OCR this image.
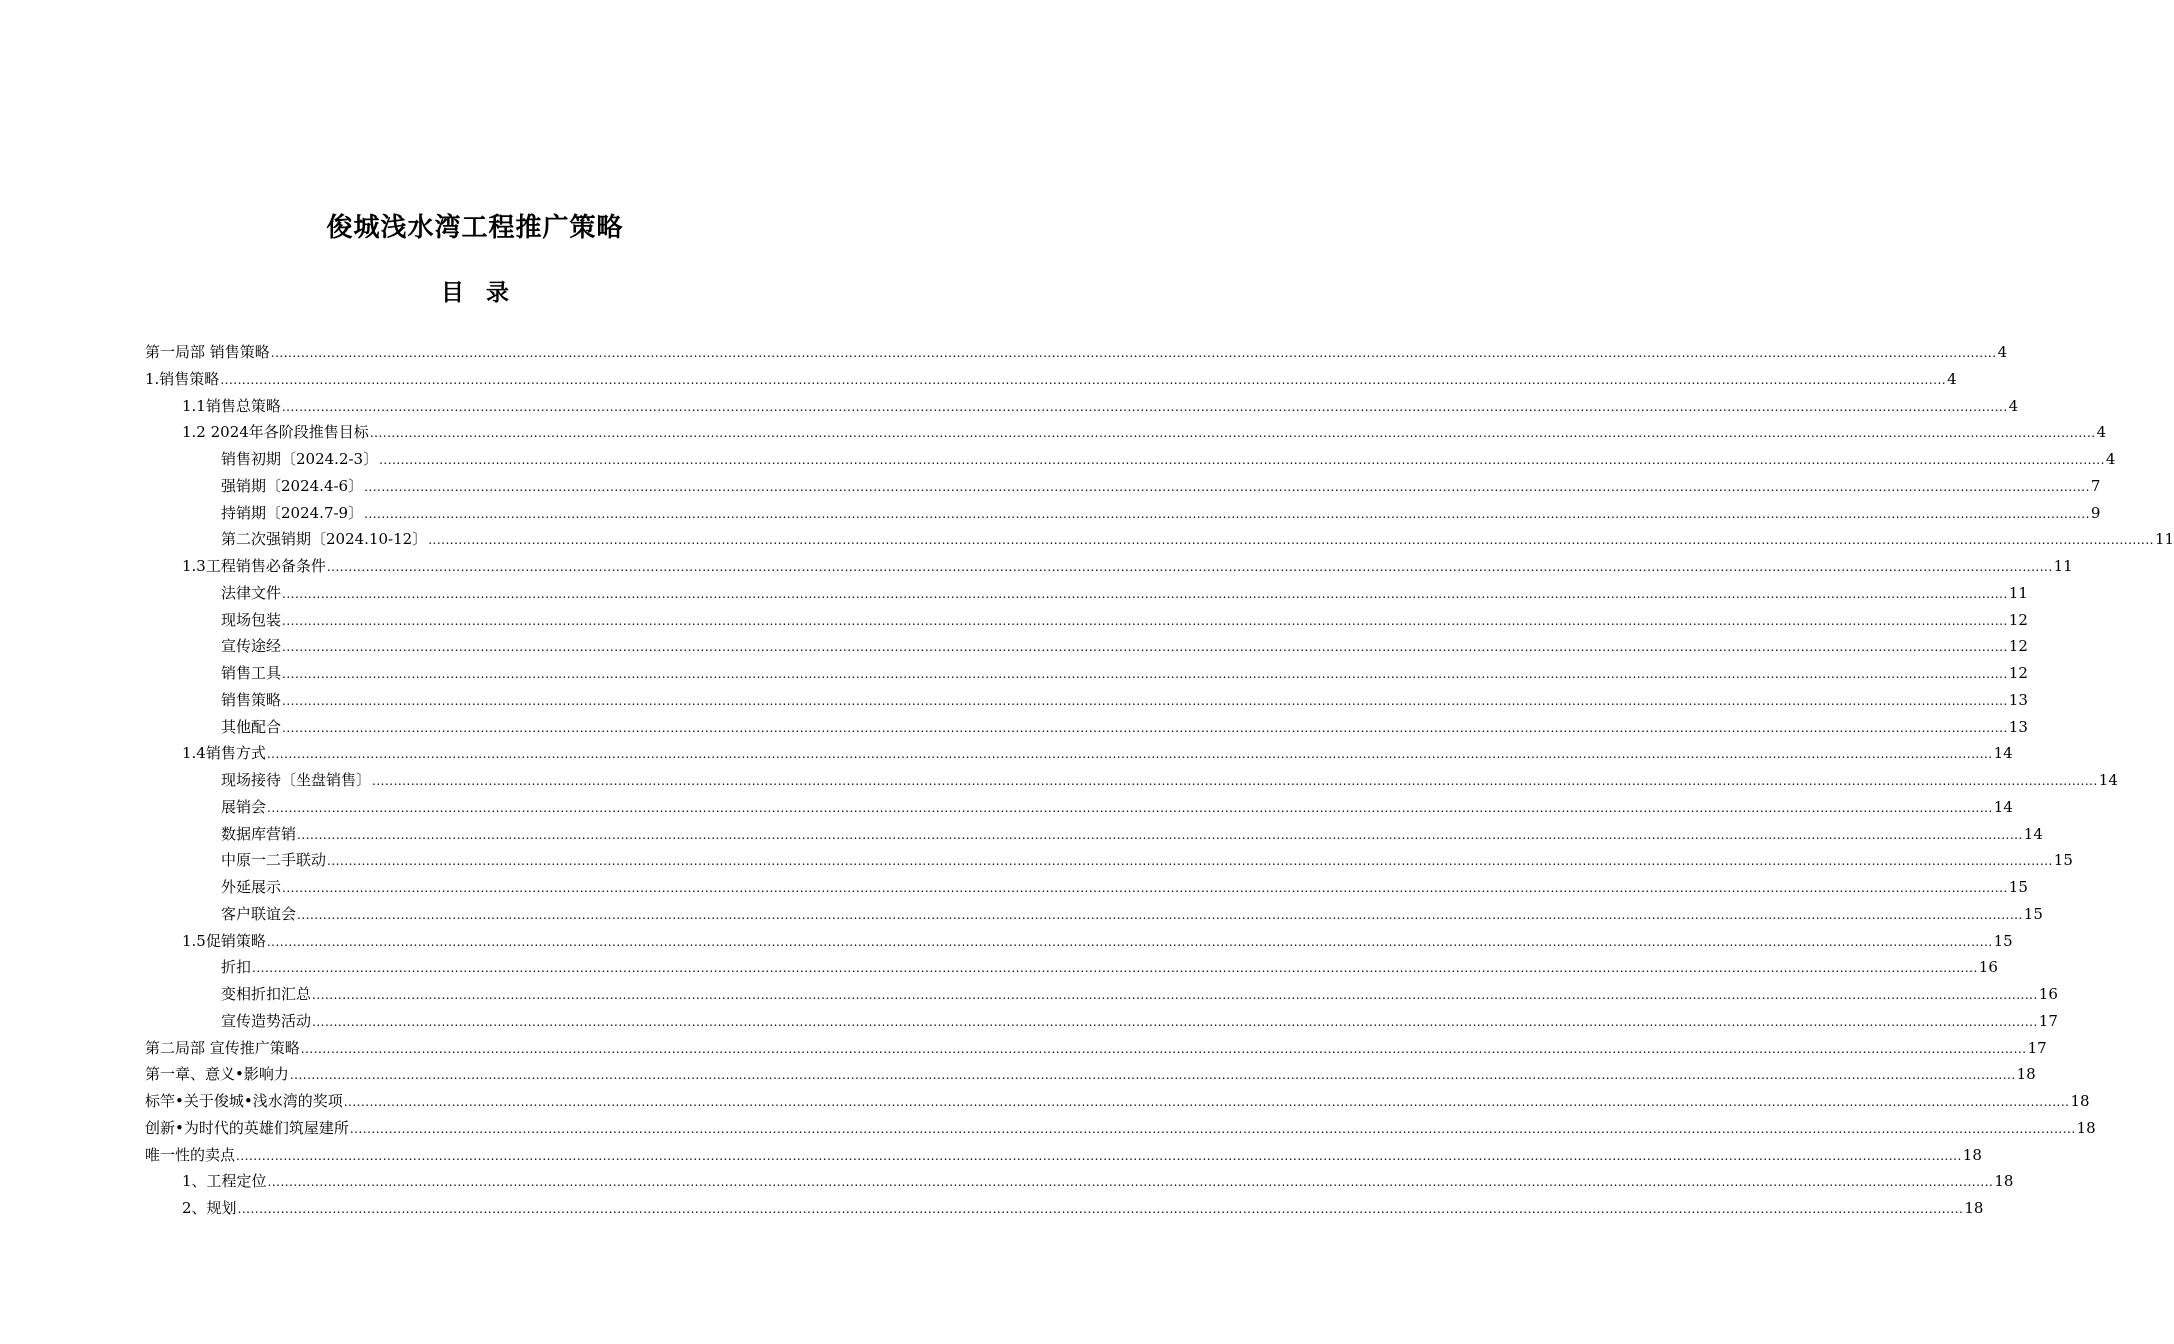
俊城浅水湾工程推广策略
目 录
第一局部 销售策略 ................................................................................................................................................................................................................................................................................................................................................................................................................ 4
1.销售策略 ................................................................................................................................................................................................................................................................................................................................................................................................................ 4
1.1销售总策略 ................................................................................................................................................................................................................................................................................................................................................................................................................ 4
1.2 2024年各阶段推售目标 ................................................................................................................................................................................................................................................................................................................................................................................................................ 4
销售初期〔2024.2-3〕 ................................................................................................................................................................................................................................................................................................................................................................................................................ 4
强销期〔2024.4-6〕 ................................................................................................................................................................................................................................................................................................................................................................................................................ 7
持销期〔2024.7-9〕 ................................................................................................................................................................................................................................................................................................................................................................................................................ 9
第二次强销期〔2024.10-12〕 ................................................................................................................................................................................................................................................................................................................................................................................................................ 11
1.3工程销售必备条件 ................................................................................................................................................................................................................................................................................................................................................................................................................ 11
法律文件 ................................................................................................................................................................................................................................................................................................................................................................................................................ 11
现场包装 ................................................................................................................................................................................................................................................................................................................................................................................................................ 12
宣传途经 ................................................................................................................................................................................................................................................................................................................................................................................................................ 12
销售工具 ................................................................................................................................................................................................................................................................................................................................................................................................................ 12
销售策略 ................................................................................................................................................................................................................................................................................................................................................................................................................ 13
其他配合 ................................................................................................................................................................................................................................................................................................................................................................................................................ 13
1.4销售方式 ................................................................................................................................................................................................................................................................................................................................................................................................................ 14
现场接待〔坐盘销售〕 ................................................................................................................................................................................................................................................................................................................................................................................................................ 14
展销会 ................................................................................................................................................................................................................................................................................................................................................................................................................ 14
数据库营销 ................................................................................................................................................................................................................................................................................................................................................................................................................ 14
中原一二手联动 ................................................................................................................................................................................................................................................................................................................................................................................................................ 15
外延展示 ................................................................................................................................................................................................................................................................................................................................................................................................................ 15
客户联谊会 ................................................................................................................................................................................................................................................................................................................................................................................................................ 15
1.5促销策略 ................................................................................................................................................................................................................................................................................................................................................................................................................ 15
折扣 ................................................................................................................................................................................................................................................................................................................................................................................................................ 16
变相折扣汇总 ................................................................................................................................................................................................................................................................................................................................................................................................................ 16
宣传造势活动 ................................................................................................................................................................................................................................................................................................................................................................................................................ 17
第二局部 宣传推广策略 ................................................................................................................................................................................................................................................................................................................................................................................................................ 17
第一章、意义•影响力 ................................................................................................................................................................................................................................................................................................................................................................................................................ 18
标竿•关于俊城•浅水湾的奖项 ................................................................................................................................................................................................................................................................................................................................................................................................................ 18
创新•为时代的英雄们筑屋建所 ................................................................................................................................................................................................................................................................................................................................................................................................................ 18
唯一性的卖点 ................................................................................................................................................................................................................................................................................................................................................................................................................ 18
1、工程定位 ................................................................................................................................................................................................................................................................................................................................................................................................................ 18
2、规划 ................................................................................................................................................................................................................................................................................................................................................................................................................ 18
